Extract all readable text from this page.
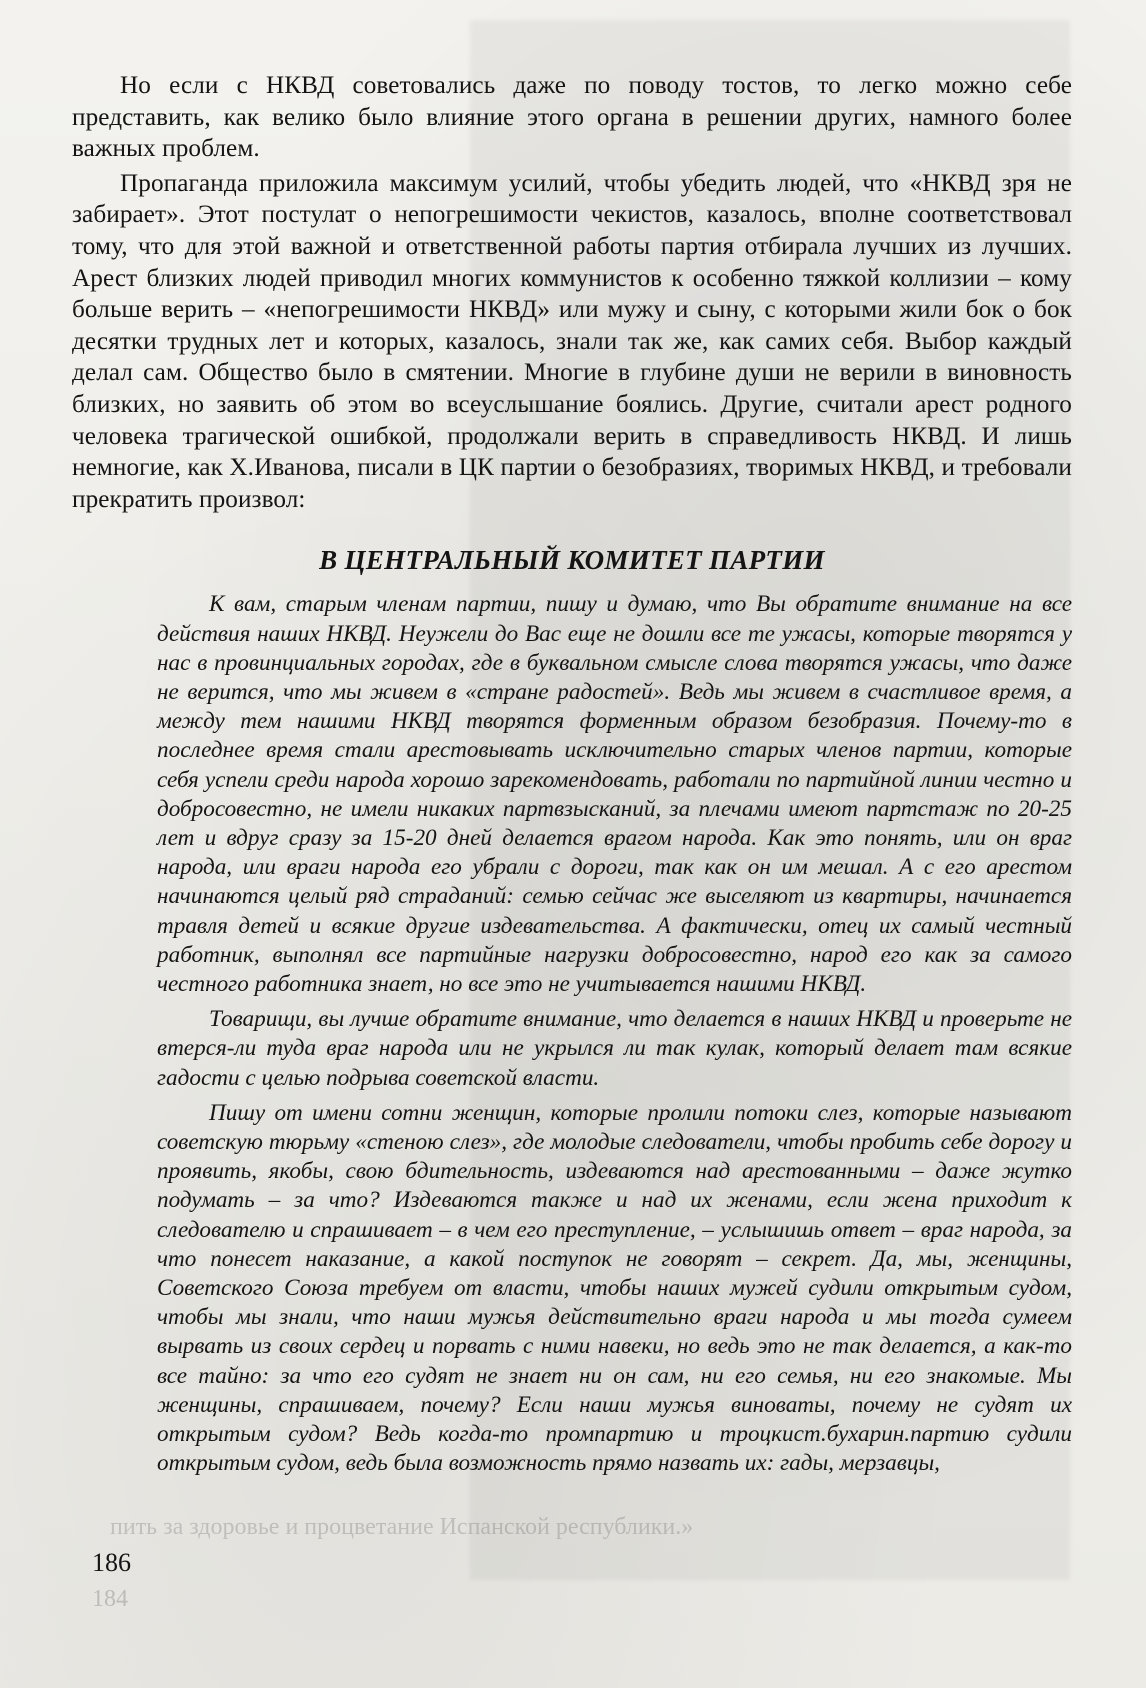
Но если с НКВД советовались даже по поводу тостов, то легко можно себе представить, как велико было влияние этого органа в решении других, намного более важных проблем.

Пропаганда приложила максимум усилий, чтобы убедить людей, что «НКВД зря не забирает». Этот постулат о непогрешимости чекистов, казалось, вполне соответствовал тому, что для этой важной и ответственной работы партия отбирала лучших из лучших. Арест близких людей приводил многих коммунистов к особенно тяжкой коллизии – кому больше верить – «непогрешимости НКВД» или мужу и сыну, с которыми жили бок о бок десятки трудных лет и которых, казалось, знали так же, как самих себя. Выбор каждый делал сам. Общество было в смятении. Многие в глубине души не верили в виновность близких, но заявить об этом во всеуслышание боялись. Другие, считали арест родного человека трагической ошибкой, продолжали верить в справедливость НКВД. И лишь немногие, как Х.Иванова, писали в ЦК партии о безобразиях, творимых НКВД, и требовали прекратить произвол:

В ЦЕНТРАЛЬНЫЙ КОМИТЕТ ПАРТИИ

К вам, старым членам партии, пишу и думаю, что Вы обратите внимание на все действия наших НКВД. Неужели до Вас еще не дошли все те ужасы, которые творятся у нас в провинциальных городах, где в буквальном смысле слова творятся ужасы, что даже не верится, что мы живем в «стране радостей». Ведь мы живем в счастливое время, а между тем нашими НКВД творятся форменным образом безобразия. Почему-то в последнее время стали арестовывать исключительно старых членов партии, которые себя успели среди народа хорошо зарекомендовать, работали по партийной линии честно и добросовестно, не имели никаких партвзысканий, за плечами имеют партстаж по 20-25 лет и вдруг сразу за 15-20 дней делается врагом народа. Как это понять, или он враг народа, или враги народа его убрали с дороги, так как он им мешал. А с его арестом начинаются целый ряд страданий: семью сейчас же выселяют из квартиры, начинается травля детей и всякие другие издевательства. А фактически, отец их самый честный работник, выполнял все партийные нагрузки добросовестно, народ его как за самого честного работника знает, но все это не учитывается нашими НКВД.

Товарищи, вы лучше обратите внимание, что делается в наших НКВД и проверьте не втерся-ли туда враг народа или не укрылся ли так кулак, который делает там всякие гадости с целью подрыва советской власти.

Пишу от имени сотни женщин, которые пролили потоки слез, которые называют советскую тюрьму «стеною слез», где молодые следователи, чтобы пробить себе дорогу и проявить, якобы, свою бдительность, издеваются над арестованными – даже жутко подумать – за что? Издеваются также и над их женами, если жена приходит к следователю и спрашивает – в чем его преступление, – услышишь ответ – враг народа, за что понесет наказание, а какой поступок не говорят – секрет. Да, мы, женщины, Советского Союза требуем от власти, чтобы наших мужей судили открытым судом, чтобы мы знали, что наши мужья действительно враги народа и мы тогда сумеем вырвать из своих сердец и порвать с ними навеки, но ведь это не так делается, а как-то все тайно: за что его судят не знает ни он сам, ни его семья, ни его знакомые. Мы женщины, спрашиваем, почему? Если наши мужья виноваты, почему не судят их открытым судом? Ведь когда-то промпартию и троцкист.бухарин.партию судили открытым судом, ведь была возможность прямо назвать их: гады, мерзавцы,

пить за здоровье и процветание Испанской республики.»
186
184
